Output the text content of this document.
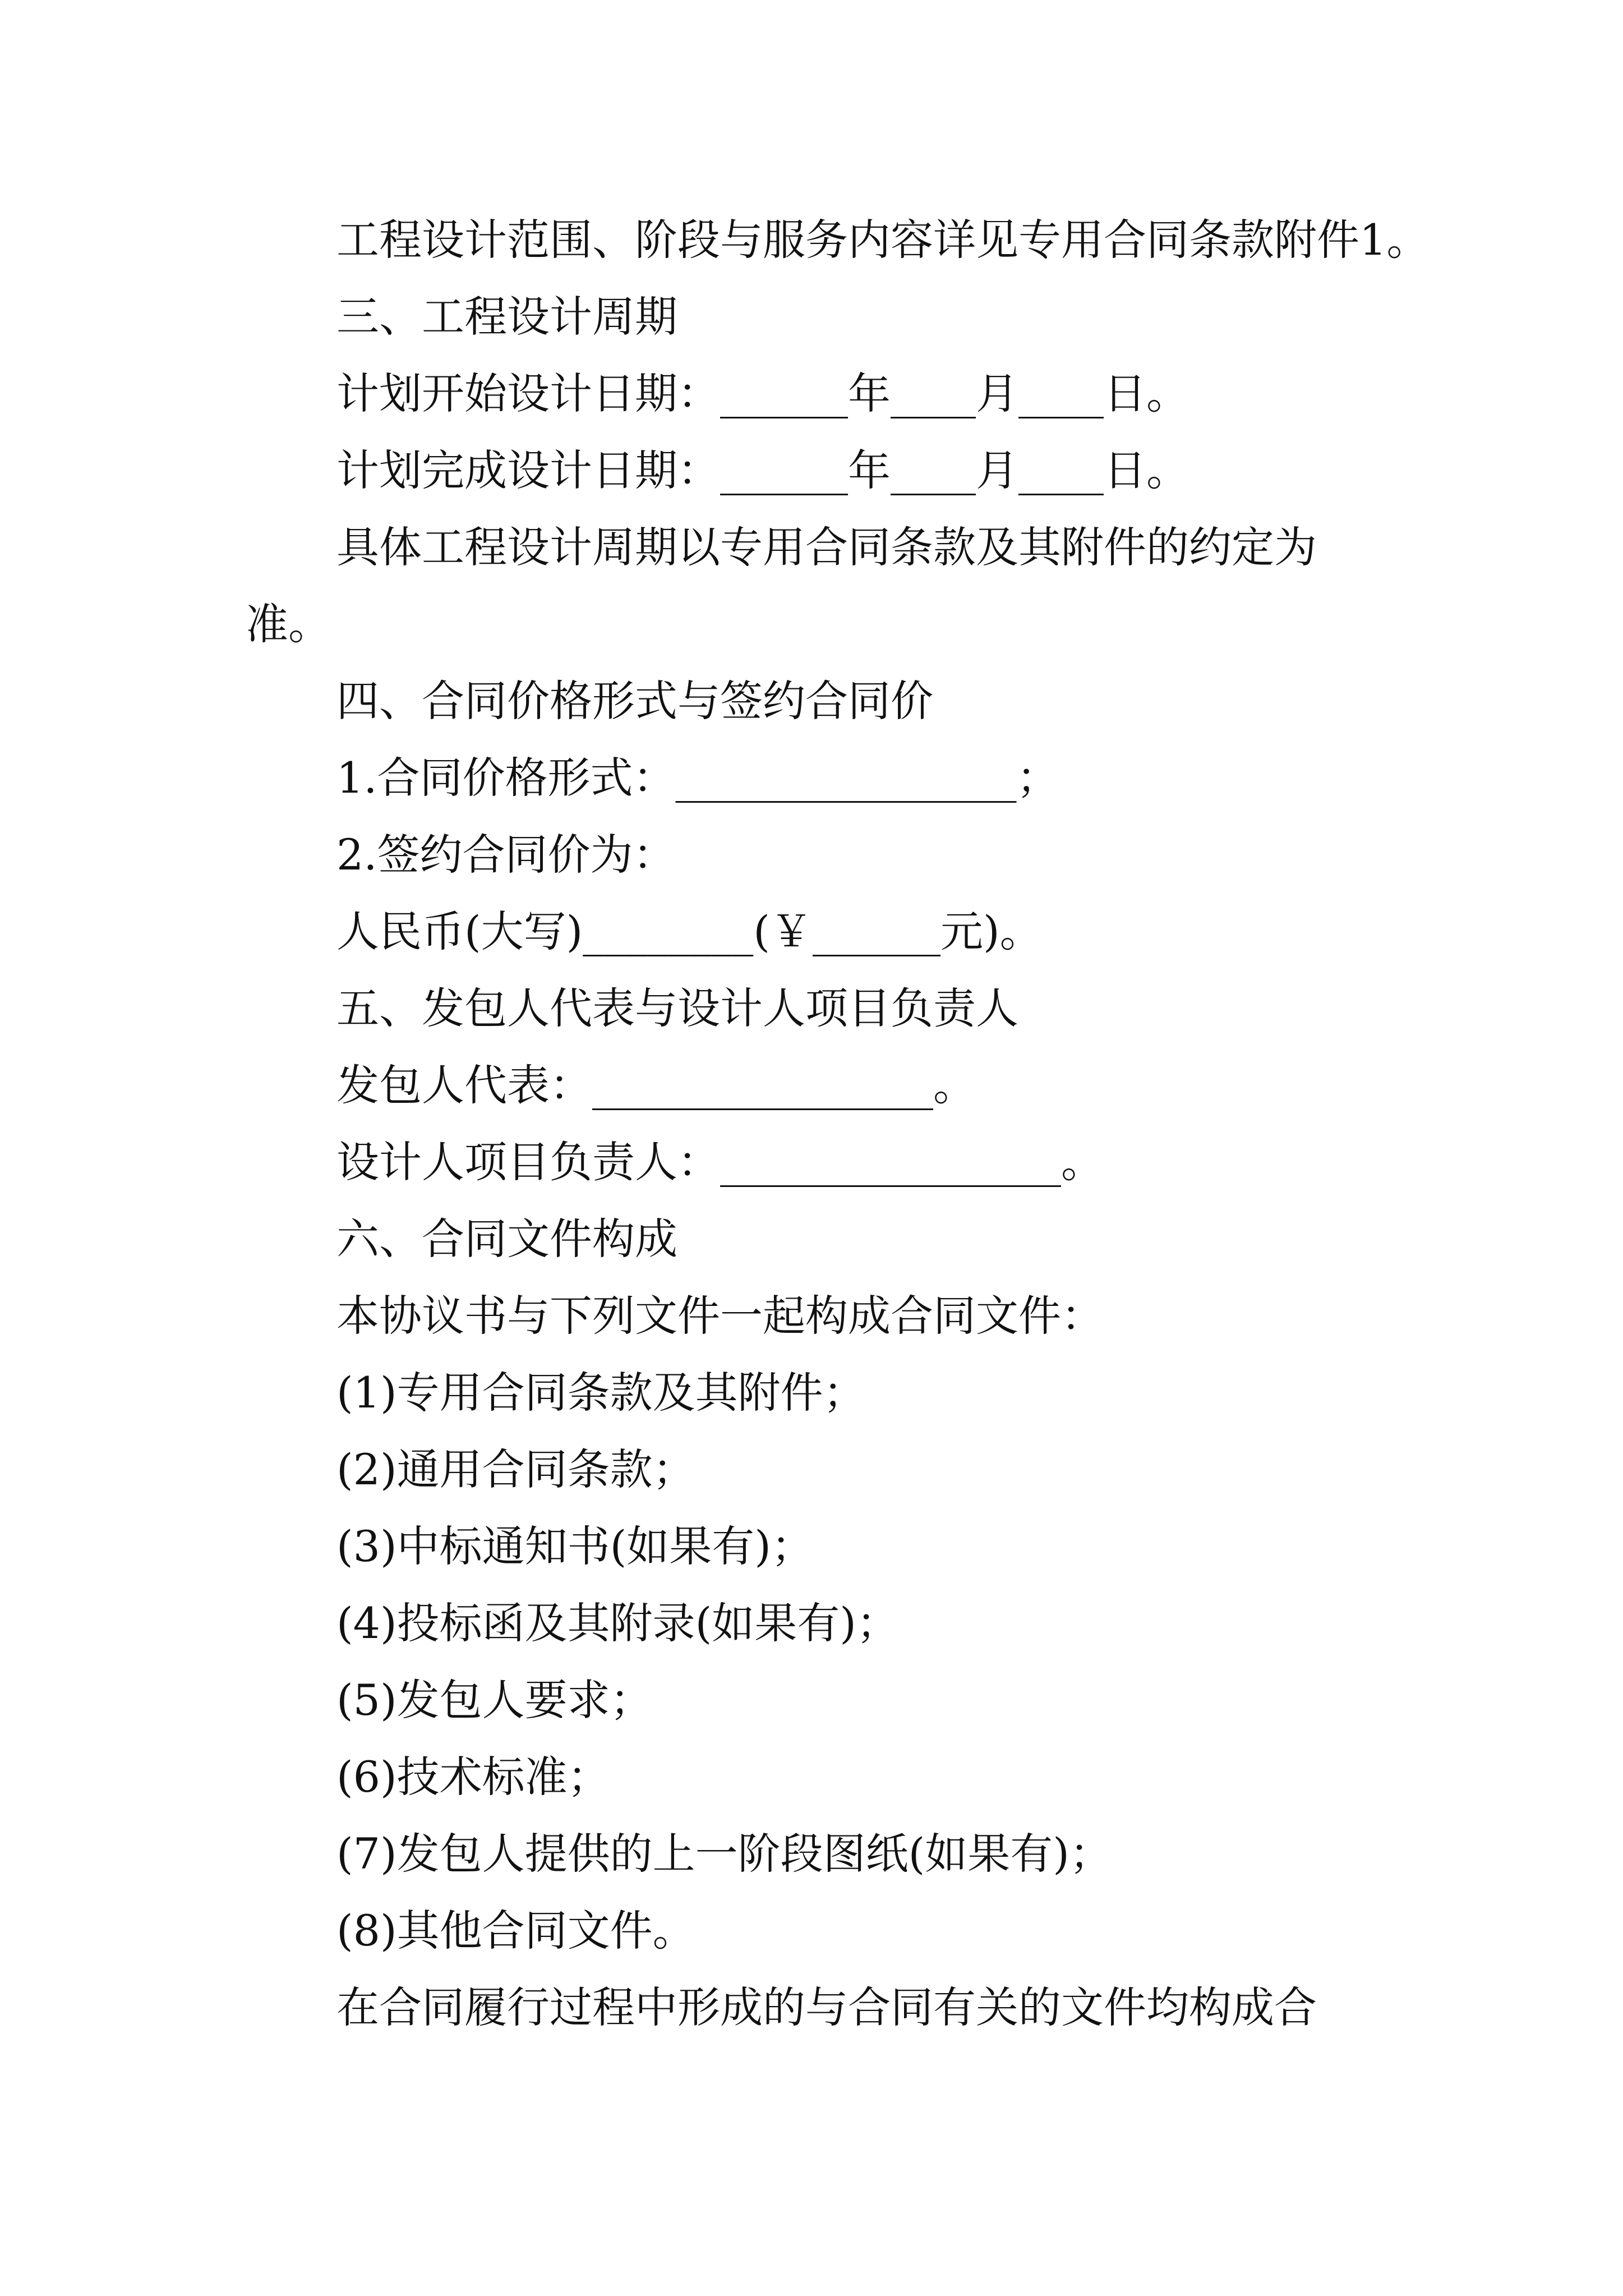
工程设计范围、阶段与服务内容详见专用合同条款附件1。
三、工程设计周期
计划开始设计日期：______年____月____日。
计划完成设计日期：______年____月____日。
具体工程设计周期以专用合同条款及其附件的约定为
准。
四、合同价格形式与签约合同价
1.合同价格形式：________________；
2.签约合同价为：
人民币(大写)________(￥______元)。
五、发包人代表与设计人项目负责人
发包人代表：________________。
设计人项目负责人：________________。
六、合同文件构成
本协议书与下列文件一起构成合同文件：
(1)专用合同条款及其附件；
(2)通用合同条款；
(3)中标通知书(如果有)；
(4)投标函及其附录(如果有)；
(5)发包人要求；
(6)技术标准；
(7)发包人提供的上一阶段图纸(如果有)；
(8)其他合同文件。
在合同履行过程中形成的与合同有关的文件均构成合
